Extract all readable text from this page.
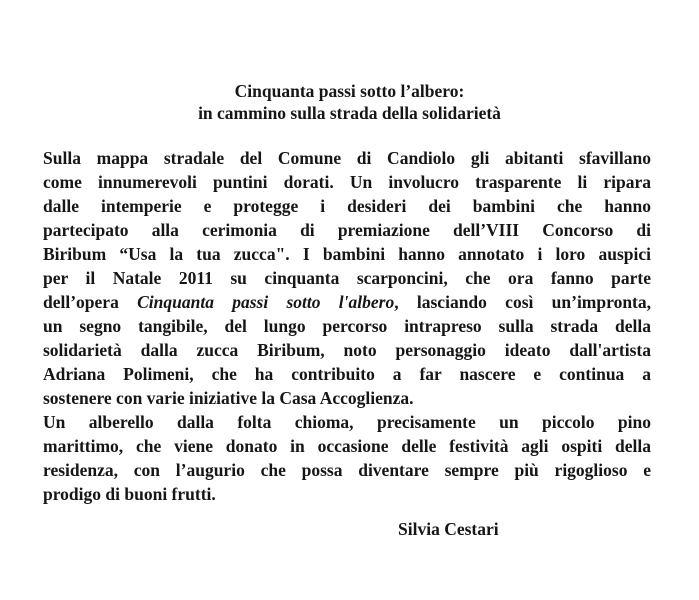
Cinquanta passi sotto l’albero:
in cammino sulla strada della solidarietà
Sulla mappa stradale del Comune di Candiolo gli abitanti sfavillano
come innumerevoli puntini dorati. Un involucro trasparente li ripara
dalle intemperie e protegge i desideri dei bambini che hanno
partecipato alla cerimonia di premiazione dell’VIII Concorso di
Biribum “Usa la tua zucca". I bambini hanno annotato i loro auspici
per il Natale 2011 su cinquanta scarponcini, che ora fanno parte
dell’opera Cinquanta passi sotto l'albero, lasciando così un’impronta,
un segno tangibile, del lungo percorso intrapreso sulla strada della
solidarietà dalla zucca Biribum, noto personaggio ideato dall'artista
Adriana Polimeni, che ha contribuito a far nascere e continua a
sostenere con varie iniziative la Casa Accoglienza.
Un alberello dalla folta chioma, precisamente un piccolo pino
marittimo, che viene donato in occasione delle festività agli ospiti della
residenza, con l’augurio che possa diventare sempre più rigoglioso e
prodigo di buoni frutti.
Silvia Cestari
